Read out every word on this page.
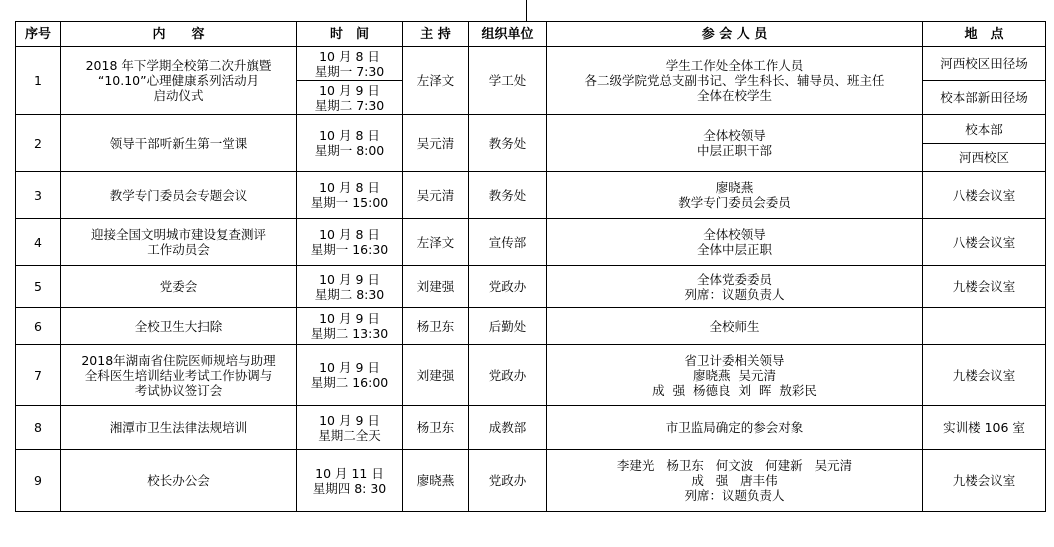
序号	内　　容	时　间	主 持	组织单位	参 会 人 员	地　点
1	2018 年下学期全校第二次升旗暨
“10.10”心理健康系列活动月
启动仪式	10 月 8 日
星期一 7:30	左泽文	学工处	学生工作处全体工作人员
各二级学院党总支副书记、学生科长、辅导员、班主任
全体在校学生	河西校区田径场

		10 月 9 日
星期二 7:30				校本部新田径场
2	领导干部听新生第一堂课	10 月 8 日
星期一 8:00	吴元清	教务处	全体校领导
中层正职干部	校本部
						河西校区
3	教学专门委员会专题会议	10 月 8 日
星期一 15:00	吴元清	教务处	廖晓燕
教学专门委员会委员	八楼会议室
4	迎接全国文明城市建设复查测评
工作动员会	10 月 8 日
星期一 16:30	左泽文	宣传部	全体校领导
全体中层正职	八楼会议室
5	党委会	10 月 9 日
星期二 8:30	刘建强	党政办	全体党委委员
列席：议题负责人	九楼会议室
6	全校卫生大扫除	10 月 9 日
星期二 13:30	杨卫东	后勤处	全校师生	

7	2018年湖南省住院医师规培与助理
全科医生培训结业考试工作协调与
考试协议签订会	10 月 9 日
星期二 16:00	刘建强	党政办	省卫计委相关领导
廖晓燕  吴元清
成  强  杨德良  刘  晖  敖彩民	九楼会议室
8	湘潭市卫生法律法规培训	10 月 9 日
星期二全天	杨卫东	成教部	市卫监局确定的参会对象	实训楼 106 室
9	校长办公会	10 月 11 日
星期四 8: 30	廖晓燕	党政办	李建光   杨卫东   何文波   何建新   吴元清
成   强   唐丰伟
列席：议题负责人	九楼会议室
